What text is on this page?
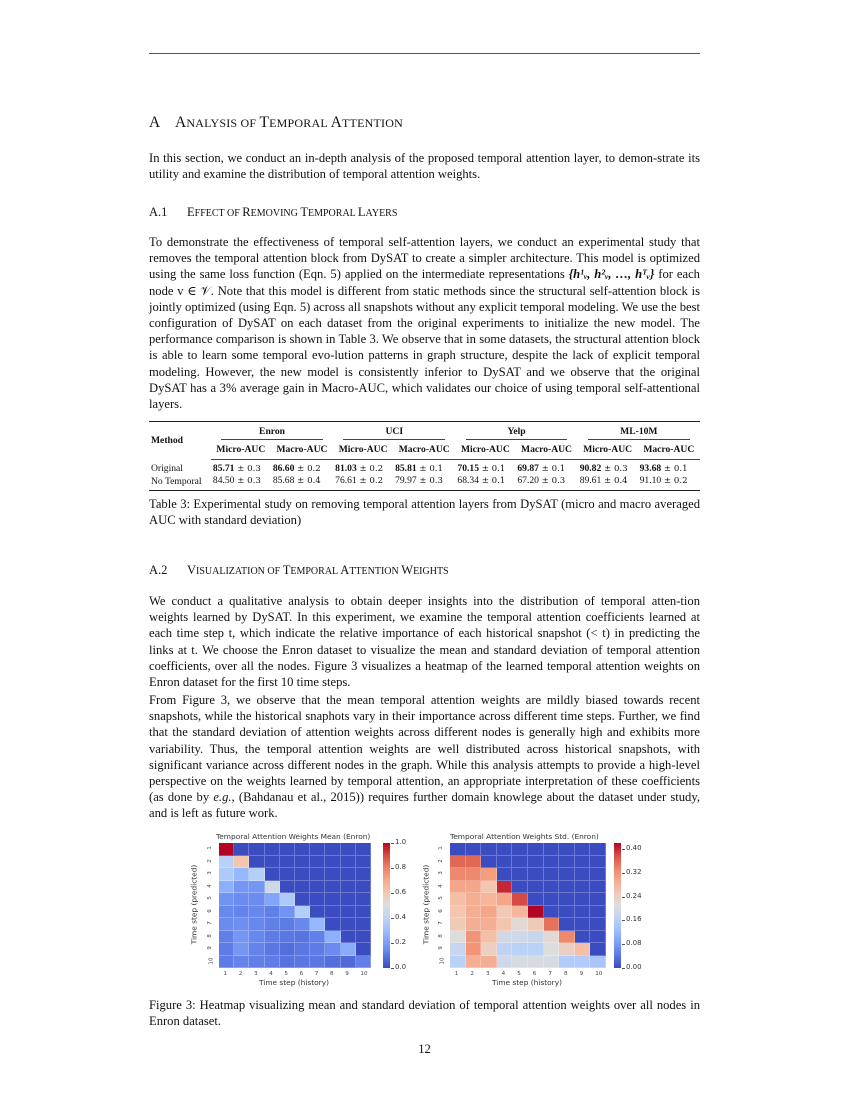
A ANALYSIS OF TEMPORAL ATTENTION
In this section, we conduct an in-depth analysis of the proposed temporal attention layer, to demon-strate its utility and examine the distribution of temporal attention weights.
A.1 EFFECT OF REMOVING TEMPORAL LAYERS
To demonstrate the effectiveness of temporal self-attention layers, we conduct an experimental study that removes the temporal attention block from DySAT to create a simpler architecture. This model is optimized using the same loss function (Eqn. 5) applied on the intermediate representations {h¹ᵥ, h²ᵥ, …, hᵀᵥ} for each node v ∈ 𝒱. Note that this model is different from static methods since the structural self-attention block is jointly optimized (using Eqn. 5) across all snapshots without any explicit temporal modeling. We use the best configuration of DySAT on each dataset from the original experiments to initialize the new model. The performance comparison is shown in Table 3. We observe that in some datasets, the structural attention block is able to learn some temporal evo-lution patterns in graph structure, despite the lack of explicit temporal modeling. However, the new model is consistently inferior to DySAT and we observe that the original DySAT has a 3% average gain in Macro-AUC, which validates our choice of using temporal self-attentional layers.
Method	Enron		UCI		Yelp		ML-10M	
	Micro-AUC	Macro-AUC	Micro-AUC	Macro-AUC	Micro-AUC	Macro-AUC	Micro-AUC	Macro-AUC
Original	85.71 ± 0.3	86.60 ± 0.2	81.03 ± 0.2	85.81 ± 0.1	70.15 ± 0.1	69.87 ± 0.1	90.82 ± 0.3	93.68 ± 0.1
No Temporal	84.50 ± 0.3	85.68 ± 0.4	76.61 ± 0.2	79.97 ± 0.3	68.34 ± 0.1	67.20 ± 0.3	89.61 ± 0.4	91.10 ± 0.2
Table 3: Experimental study on removing temporal attention layers from DySAT (micro and macro averaged AUC with standard deviation)
A.2 VISUALIZATION OF TEMPORAL ATTENTION WEIGHTS
We conduct a qualitative analysis to obtain deeper insights into the distribution of temporal atten-tion weights learned by DySAT. In this experiment, we examine the temporal attention coefficients learned at each time step t, which indicate the relative importance of each historical snapshot (< t) in predicting the links at t. We choose the Enron dataset to visualize the mean and standard deviation of temporal attention coefficients, over all the nodes. Figure 3 visualizes a heatmap of the learned temporal attention weights on Enron dataset for the first 10 time steps.
From Figure 3, we observe that the mean temporal attention weights are mildly biased towards recent snapshots, while the historical snaphots vary in their importance across different time steps. Further, we find that the standard deviation of attention weights across different nodes is generally high and exhibits more variability. Thus, the temporal attention weights are well distributed across historical snapshots, with significant variance across different nodes in the graph. While this analysis attempts to provide a high-level perspective on the weights learned by temporal attention, an appropriate interpretation of these coefficients (as done by e.g., (Bahdanau et al., 2015)) requires further domain knowlege about the dataset under study, and is left as future work.
Figure 3: Heatmap visualizing mean and standard deviation of temporal attention weights over all nodes in Enron dataset.
12
Temporal Attention Weights Mean (Enron)
1 2 3 4 5 6 7 8 9 10
1
2
3
4
5
6
7
8
9
10
Time step (history)
Time step (predicted)
0.0
0.2
0.4
0.6
0.8
1.0
Temporal Attention Weights Std. (Enron)
1 2 3 4 5 6 7 8 9 10
1
2
3
4
5
6
7
8
9
10
Time step (history)
Time step (predicted)
0.00
0.08
0.16
0.24
0.32
0.40
